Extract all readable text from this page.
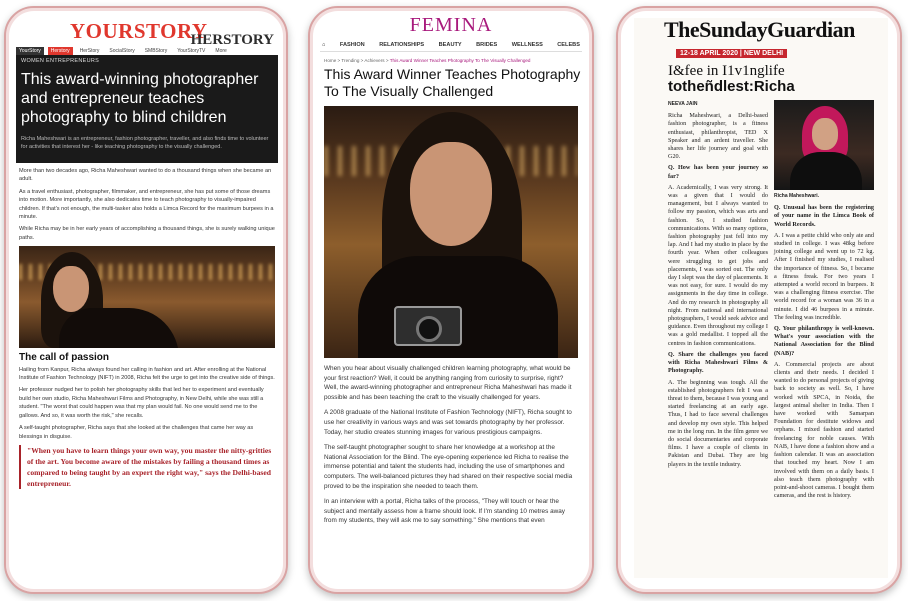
YOURSTORY
HERSTORY
YourStory	Herstory	HerStory	SocialStory	SMBStory	YourStoryTV	More
WOMEN ENTREPRENEURS
This award-winning photographer and entrepreneur teaches photography to blind children
Richa Maheshwari is an entrepreneur, fashion photographer, traveller, and also finds time to volunteer for activities that interest her - like teaching photography to the visually challenged.

More than two decades ago, Richa Maheshwari wanted to do a thousand things when she became an adult.

As a travel enthusiast, photographer, filmmaker, and entrepreneur, she has put some of those dreams into motion. More importantly, she also dedicates time to teach photography to visually-impaired children. If that's not enough, the multi-tasker also holds a Limca Record for the maximum burpees in a minute.

While Richa may be in her early years of accomplishing a thousand things, she is surely walking unique paths.

The call of passion

Hailing from Kanpur, Richa always found her calling in fashion and art. After enrolling at the National Institute of Fashion Technology (NIFT) in 2008, Richa felt the urge to get into the creative side of things.

Her professor nudged her to polish her photography skills that led her to experiment and eventually build her own studio, Richa Maheshwari Films and Photography, in New Delhi, while she was still a student. "The worst that could happen was that my plan would fail. No one would send me to the gallows. And so, it was worth the risk," she recalls.

A self-taught photographer, Richa says that she looked at the challenges that came her way as blessings in disguise.

"When you have to learn things your own way, you master the nitty-gritties of the art. You become aware of the mistakes by failing a thousand times as compared to being taught by an expert the right way," says the Delhi-based entrepreneur.
FEMINA
⌂	FASHION	RELATIONSHIPS	BEAUTY	BRIDES	WELLNESS	CELEBS
Home > Trending > Achievers > This Award Winner Teaches Photography To The Visually Challenged
This Award Winner Teaches Photography To The Visually Challenged

When you hear about visually challenged children learning photography, what would be your first reaction? Well, it could be anything ranging from curiosity to surprise, right? Well, the award-winning photographer and entrepreneur Richa Maheshwari has made it possible and has been teaching the craft to the visually challenged for years.

A 2008 graduate of the National Institute of Fashion Technology (NIFT), Richa sought to use her creativity in various ways and was set towards photography by her professor. Today, her studio creates stunning images for various prestigious campaigns.

The self-taught photographer sought to share her knowledge at a workshop at the National Association for the Blind. The eye-opening experience led Richa to realise the immense potential and talent the students had, including the use of smartphones and computers. The well-balanced pictures they had shared on their respective social media proved to be the inspiration she needed to teach them.

In an interview with a portal, Richa talks of the process, "They will touch or hear the subject and mentally assess how a frame should look. If I'm standing 10 metres away from my students, they will ask me to say something." She mentions that even

TheSundayGuardian
12-18 APRIL 2020 | NEW DELHI
I&fee in I1v1nglife
totheñdlest:Richa
NEEVA JAIN

Richa Maheshwari, a Delhi-based fashion photographer, is a fitness enthusiast, philanthropist, TED X Speaker and an ardent traveller. She shares her life journey and goal with G20.

Q. How has been your journey so far?

A. Academically, I was very strong. It was a given that I would do management, but I always wanted to follow my passion, which was arts and fashion. So, I studied fashion communications. With so many options, fashion photography just fell into my lap. And I had my studio in place by the fourth year. When other colleagues were struggling to get jobs and placements, I was sorted out. The only day I slept was the day of placements. It was not easy, for sure. I would do my assignments in the day time in college. And do my research in photography all night. From national and international photographers, I would seek advice and guidance. Even throughout my college I was a gold medallist. I topped all the centres in fashion communications.

Q. Share the challenges you faced with Richa Maheshwari Films & Photography.

A. The beginning was tough. All the established photographers felt I was a threat to them, because I was young and started freelancing at an early age. Thus, I had to face several challenges and develop my own style. This helped me in the long run. In the film genre we do social documentaries and corporate films. I have a couple of clients in Pakistan and Dubai. They are big players in the textile industry.

Richa Maheshwari.

Q. Unusual has been the registering of your name in the Limca Book of World Records.

A. I was a petite child who only ate and studied in college. I was 48kg before joining college and went up to 72 kg. After I finished my studies, I realised the importance of fitness. So, I became a fitness freak. For two years I attempted a world record in burpees. It was a challenging fitness exercise. The world record for a woman was 36 in a minute. I did 46 burpees in a minute. The feeling was incredible.

Q. Your philanthropy is well-known. What's your association with the National Association for the Blind (NAB)?

A. Commercial projects are about clients and their needs. I decided I wanted to do personal projects of giving back to society as well. So, I have worked with SPCA, in Noida, the largest animal shelter in India. Then I have worked with Samarpan Foundation for destitute widows and orphans. I mixed fashion and started freelancing for noble causes. With NAB, I have done a fashion show and a fashion calendar. It was an association that touched my heart. Now I am involved with them on a daily basis. I also teach them photography with point-and-shoot cameras. I bought them cameras, and the rest is history.
